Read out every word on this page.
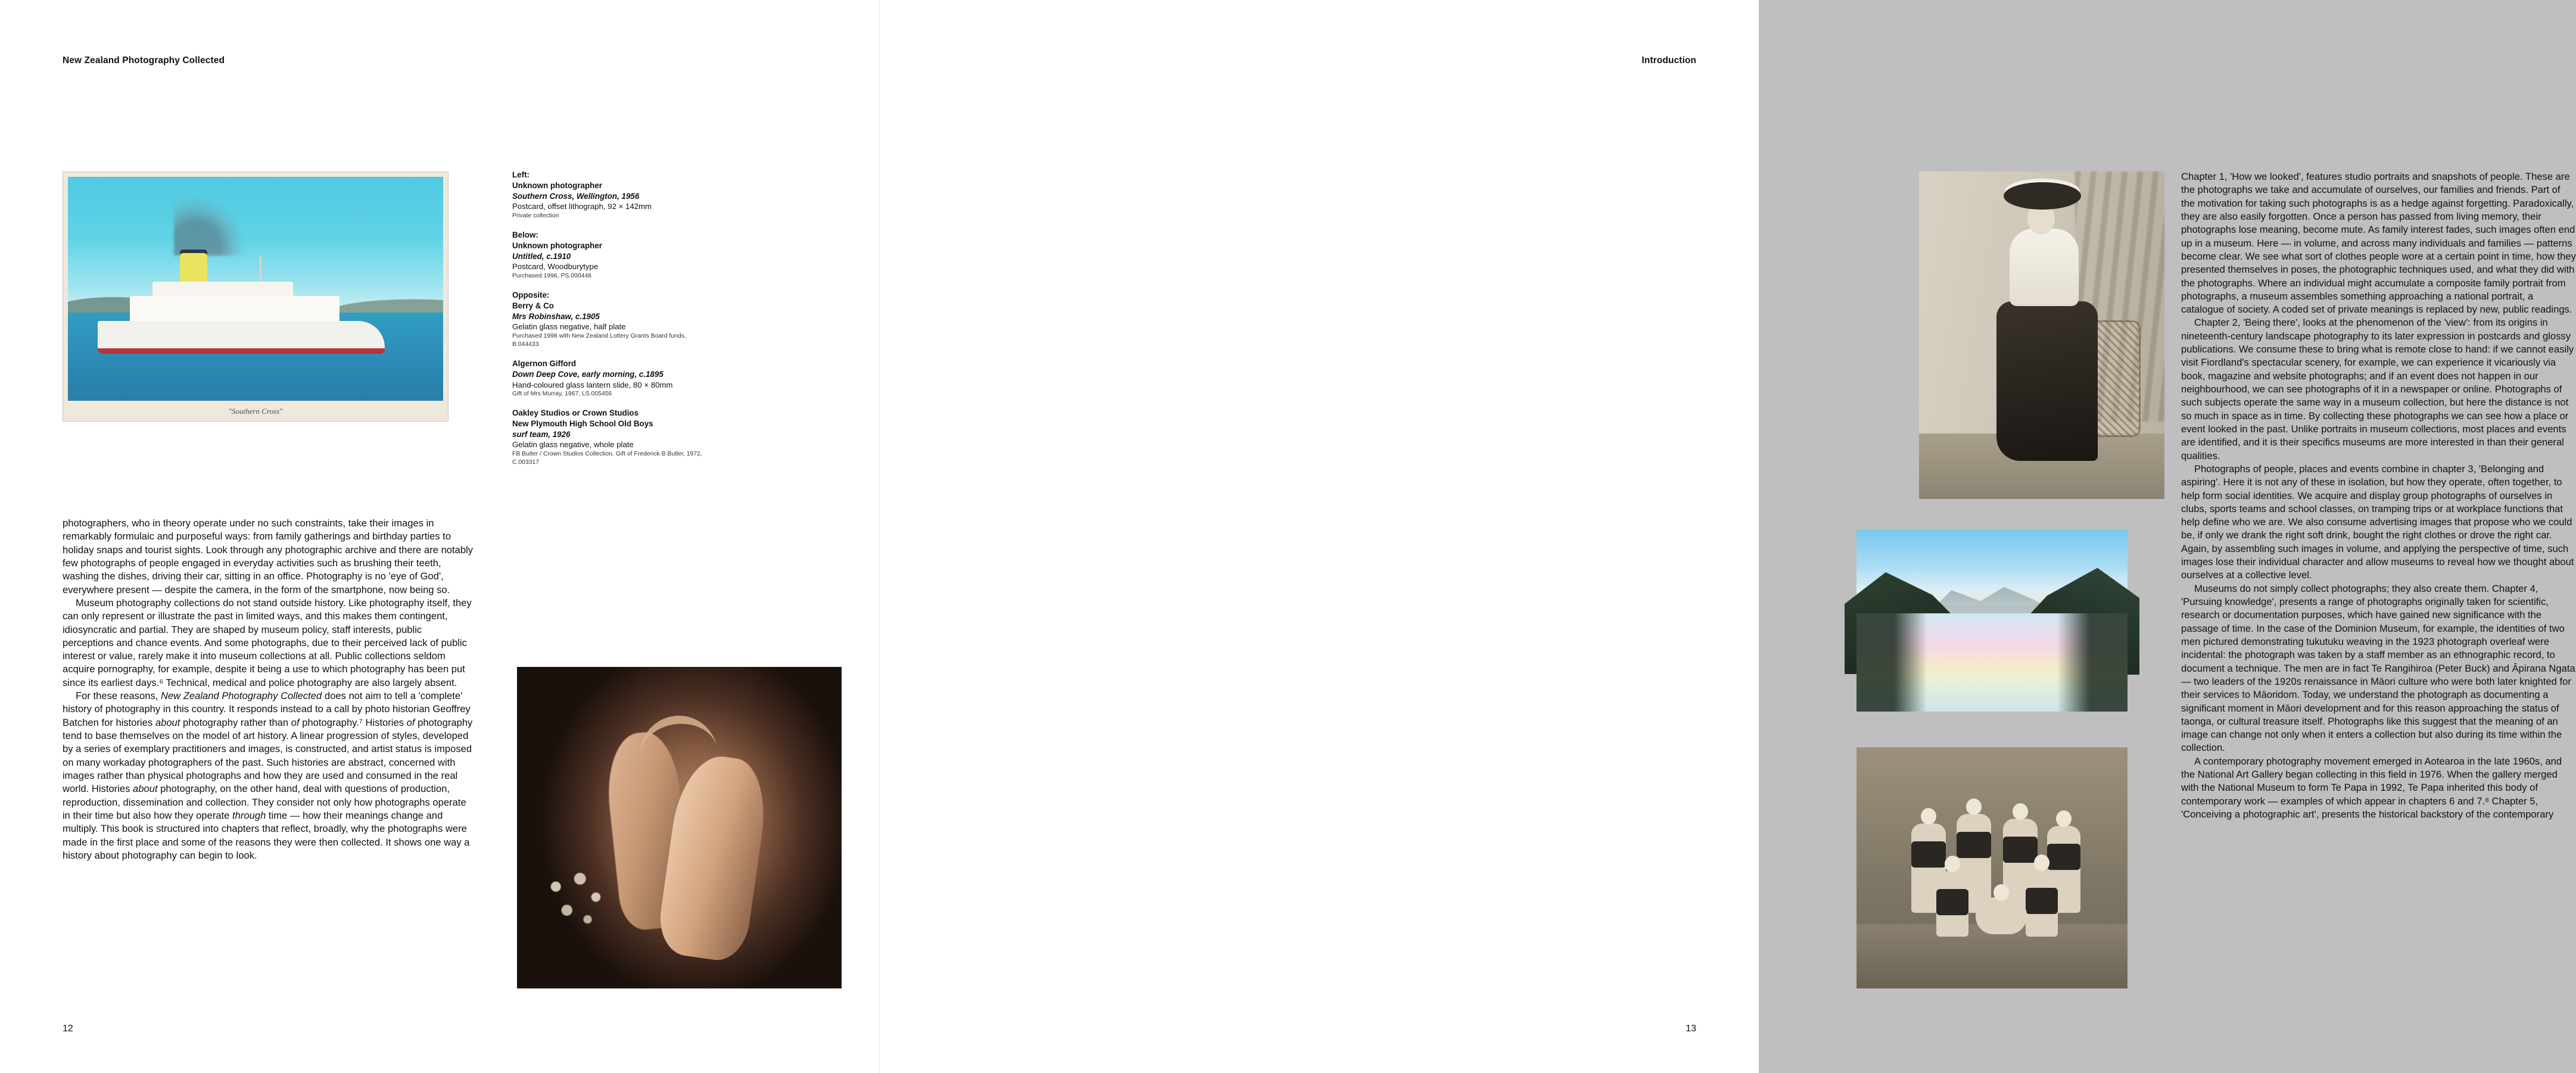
New Zealand Photography Collected
"Southern Cross"
Left:
Unknown photographer
Southern Cross, Wellington, 1956
Postcard, offset lithograph, 92 × 142mm
Private collection
Below:
Unknown photographer
Untitled, c.1910
Postcard, Woodburytype
Purchased 1996, PS.000448
Opposite:
Berry & Co
Mrs Robinshaw, c.1905
Gelatin glass negative, half plate
Purchased 1998 with New Zealand Lottery Grants Board funds, B.044433
Algernon Gifford
Down Deep Cove, early morning, c.1895
Hand-coloured glass lantern slide, 80 × 80mm
Gift of Mrs Murray, 1967, LS.005456
Oakley Studios or Crown Studios
New Plymouth High School Old Boys
surf team, 1926
Gelatin glass negative, whole plate
FB Butler / Crown Studios Collection. Gift of Frederick B Butler, 1972, C.003317

photographers, who in theory operate under no such constraints, take their images in remarkably formulaic and purposeful ways: from family gatherings and birthday parties to holiday snaps and tourist sights. Look through any photographic archive and there are notably few photographs of people engaged in everyday activities such as brushing their teeth, washing the dishes, driving their car, sitting in an office. Photography is no 'eye of God', everywhere present — despite the camera, in the form of the smartphone, now being so.

Museum photography collections do not stand outside history. Like photography itself, they can only represent or illustrate the past in limited ways, and this makes them contingent, idiosyncratic and partial. They are shaped by museum policy, staff interests, public perceptions and chance events. And some photographs, due to their perceived lack of public interest or value, rarely make it into museum collections at all. Public collections seldom acquire pornography, for example, despite it being a use to which photography has been put since its earliest days.⁶ Technical, medical and police photography are also largely absent.

For these reasons, New Zealand Photography Collected does not aim to tell a 'complete' history of photography in this country. It responds instead to a call by photo historian Geoffrey Batchen for histories about photography rather than of photography.⁷ Histories of photography tend to base themselves on the model of art history. A linear progression of styles, developed by a series of exemplary practitioners and images, is constructed, and artist status is imposed on many workaday photographers of the past. Such histories are abstract, concerned with images rather than physical photographs and how they are used and consumed in the real world. Histories about photography, on the other hand, deal with questions of production, reproduction, dissemination and collection. They consider not only how photographs operate in their time but also how they operate through time — how their meanings change and multiply. This book is structured into chapters that reflect, broadly, why the photographs were made in the first place and some of the reasons they were then collected. It shows one way a history about photography can begin to look.

12
Introduction

Chapter 1, 'How we looked', features studio portraits and snapshots of people. These are the photographs we take and accumulate of ourselves, our families and friends. Part of the motivation for taking such photographs is as a hedge against forgetting. Paradoxically, they are also easily forgotten. Once a person has passed from living memory, their photographs lose meaning, become mute. As family interest fades, such images often end up in a museum. Here — in volume, and across many individuals and families — patterns become clear. We see what sort of clothes people wore at a certain point in time, how they presented themselves in poses, the photographic techniques used, and what they did with the photographs. Where an individual might accumulate a composite family portrait from photographs, a museum assembles something approaching a national portrait, a catalogue of society. A coded set of private meanings is replaced by new, public readings.

Chapter 2, 'Being there', looks at the phenomenon of the 'view': from its origins in nineteenth-century landscape photography to its later expression in postcards and glossy publications. We consume these to bring what is remote close to hand: if we cannot easily visit Fiordland's spectacular scenery, for example, we can experience it vicariously via book, magazine and website photographs; and if an event does not happen in our neighbourhood, we can see photographs of it in a newspaper or online. Photographs of such subjects operate the same way in a museum collection, but here the distance is not so much in space as in time. By collecting these photographs we can see how a place or event looked in the past. Unlike portraits in museum collections, most places and events are identified, and it is their specifics museums are more interested in than their general qualities.

Photographs of people, places and events combine in chapter 3, 'Belonging and aspiring'. Here it is not any of these in isolation, but how they operate, often together, to help form social identities. We acquire and display group photographs of ourselves in clubs, sports teams and school classes, on tramping trips or at workplace functions that help define who we are. We also consume advertising images that propose who we could be, if only we drank the right soft drink, bought the right clothes or drove the right car. Again, by assembling such images in volume, and applying the perspective of time, such images lose their individual character and allow museums to reveal how we thought about ourselves at a collective level.

Museums do not simply collect photographs; they also create them. Chapter 4, 'Pursuing knowledge', presents a range of photographs originally taken for scientific, research or documentation purposes, which have gained new significance with the passage of time. In the case of the Dominion Museum, for example, the identities of two men pictured demonstrating tukutuku weaving in the 1923 photograph overleaf were incidental: the photograph was taken by a staff member as an ethnographic record, to document a technique. The men are in fact Te Rangihiroa (Peter Buck) and Āpirana Ngata — two leaders of the 1920s renaissance in Māori culture who were both later knighted for their services to Māoridom. Today, we understand the photograph as documenting a significant moment in Māori development and for this reason approaching the status of taonga, or cultural treasure itself. Photographs like this suggest that the meaning of an image can change not only when it enters a collection but also during its time within the collection.

A contemporary photography movement emerged in Aotearoa in the late 1960s, and the National Art Gallery began collecting in this field in 1976. When the gallery merged with the National Museum to form Te Papa in 1992, Te Papa inherited this body of contemporary work — examples of which appear in chapters 6 and 7.⁸ Chapter 5, 'Conceiving a photographic art', presents the historical backstory of the contemporary

13
